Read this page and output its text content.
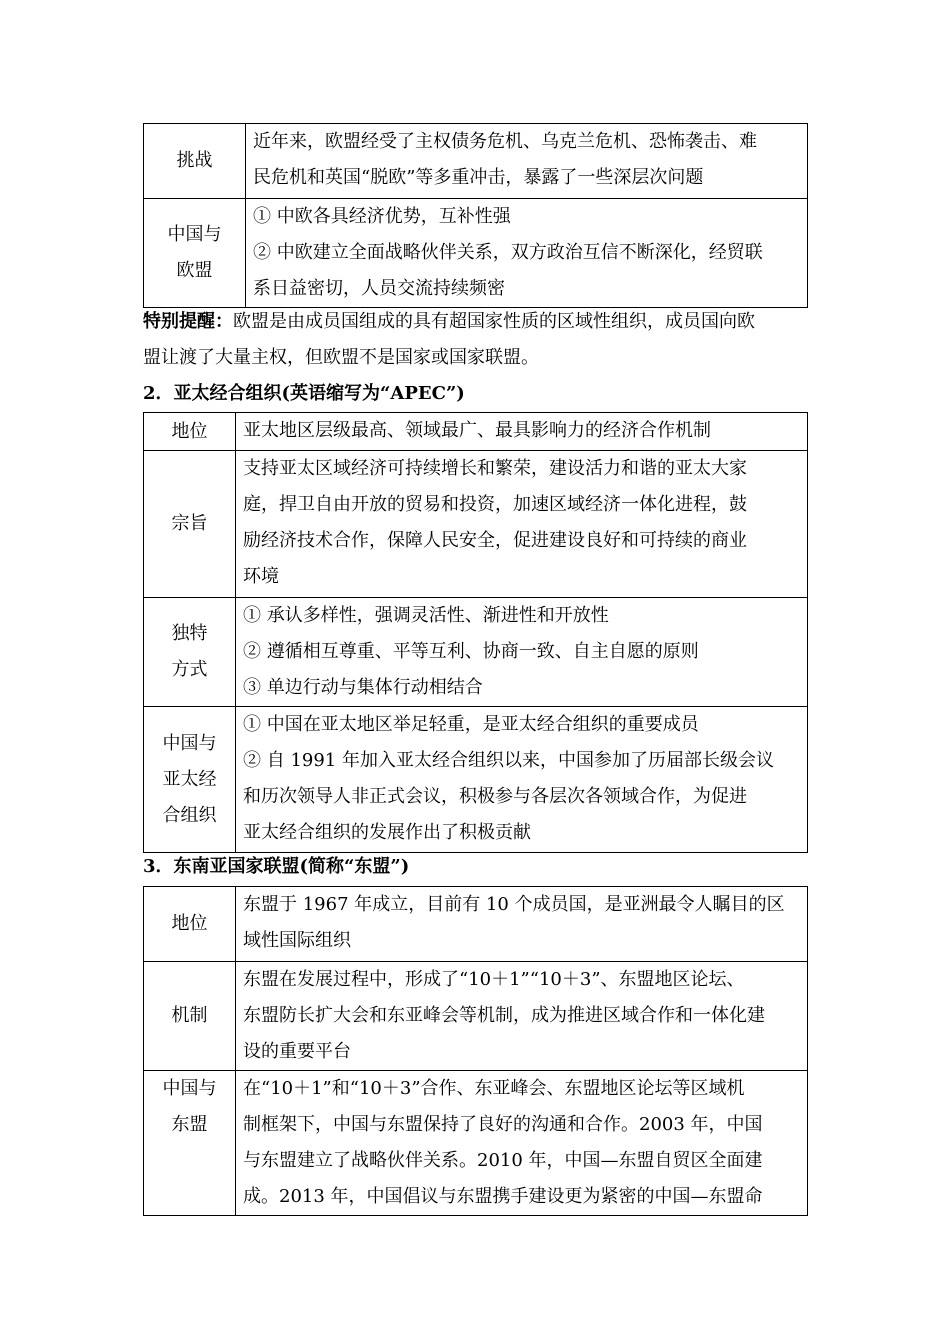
挑战	近年来，欧盟经受了主权债务危机、乌克兰危机、恐怖袭击、难
民危机和英国“脱欧”等多重冲击，暴露了一些深层次问题

中国与
欧盟	① 中欧各具经济优势，互补性强
② 中欧建立全面战略伙伴关系，双方政治互信不断深化，经贸联
系日益密切，人员交流持续频密
特别提醒：欧盟是由成员国组成的具有超国家性质的区域性组织，成员国向欧
盟让渡了大量主权，但欧盟不是国家或国家联盟。
2．亚太经合组织(英语缩写为“APEC”)
地位	亚太地区层级最高、领域最广、最具影响力的经济合作机制

宗旨	支持亚太区域经济可持续增长和繁荣，建设活力和谐的亚太大家
庭，捍卫自由开放的贸易和投资，加速区域经济一体化进程，鼓
励经济技术合作，保障人民安全，促进建设良好和可持续的商业
环境

独特
方式	① 承认多样性，强调灵活性、渐进性和开放性
② 遵循相互尊重、平等互利、协商一致、自主自愿的原则
③ 单边行动与集体行动相结合

中国与
亚太经
合组织	① 中国在亚太地区举足轻重，是亚太经合组织的重要成员
② 自 1991 年加入亚太经合组织以来，中国参加了历届部长级会议
和历次领导人非正式会议，积极参与各层次各领域合作，为促进
亚太经合组织的发展作出了积极贡献
3．东南亚国家联盟(简称“东盟”)
地位	东盟于 1967 年成立，目前有 10 个成员国，是亚洲最令人瞩目的区
域性国际组织

机制	东盟在发展过程中，形成了“10＋1”“10＋3”、东盟地区论坛、
东盟防长扩大会和东亚峰会等机制，成为推进区域合作和一体化建
设的重要平台

中国与
东盟	在“10＋1”和“10＋3”合作、东亚峰会、东盟地区论坛等区域机
制框架下，中国与东盟保持了良好的沟通和合作。2003 年，中国
与东盟建立了战略伙伴关系。2010 年，中国—东盟自贸区全面建
成。2013 年，中国倡议与东盟携手建设更为紧密的中国—东盟命
